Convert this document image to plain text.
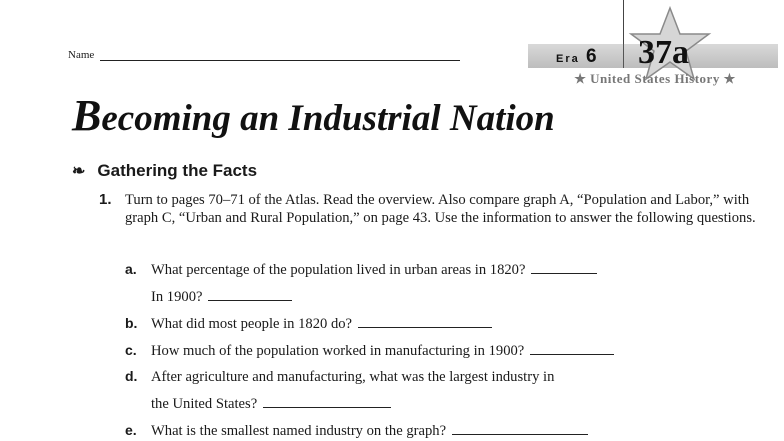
Name	Era 6 37a
★ United States History ★
Becoming an Industrial Nation
❧ Gathering the Facts
1. Turn to pages 70–71 of the Atlas. Read the overview. Also compare graph A, “Population and Labor,” with graph C, “Urban and Rural Population,” on page 43. Use the information to answer the following questions.
a. What percentage of the population lived in urban areas in 1820?
In 1900?
b. What did most people in 1820 do?
c. How much of the population worked in manufacturing in 1900?
d. After agriculture and manufacturing, what was the largest industry in
the United States?
e. What is the smallest named industry on the graph?
